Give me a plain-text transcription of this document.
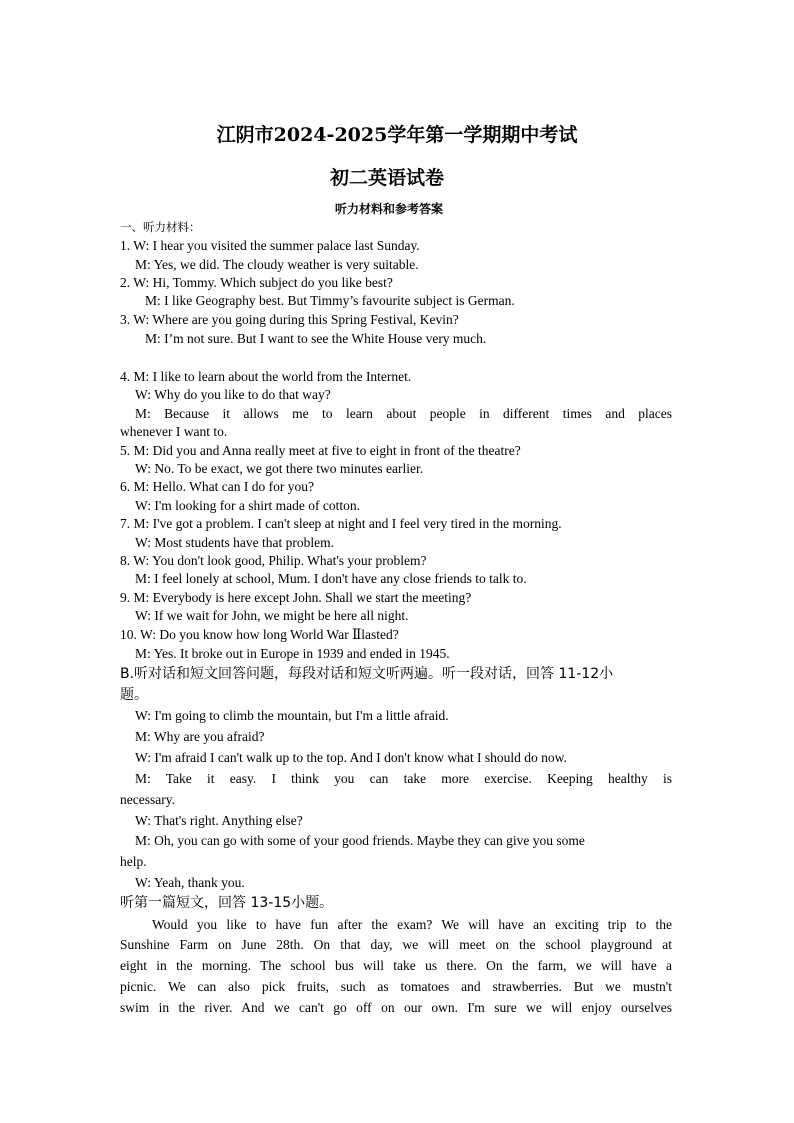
江阴市2024-2025学年第一学期期中考试
初二英语试卷
听力材料和参考答案
一、听力材料：
1. W: I hear you visited the summer palace last Sunday.
M: Yes, we did. The cloudy weather is very suitable.
2. W: Hi, Tommy. Which subject do you like best?
M: I like Geography best. But Timmy’s favourite subject is German.
3. W: Where are you going during this Spring Festival, Kevin?
M: I’m not sure. But I want to see the White House very much.
4. M: I like to learn about the world from the Internet.
W: Why do you like to do that way?
M: Because it allows me to learn about people in different times and places
whenever I want to.
5. M: Did you and Anna really meet at five to eight in front of the theatre?
W: No. To be exact, we got there two minutes earlier.
6. M: Hello. What can I do for you?
W: I'm looking for a shirt made of cotton.
7. M: I've got a problem. I can't sleep at night and I feel very tired in the morning.
W: Most students have that problem.
8. W: You don't look good, Philip. What's your problem?
M: I feel lonely at school, Mum. I don't have any close friends to talk to.
9. M: Everybody is here except John. Shall we start the meeting?
W: If we wait for John, we might be here all night.
10. W: Do you know how long World War Ⅱlasted?
M: Yes. It broke out in Europe in 1939 and ended in 1945.
B.听对话和短文回答问题，每段对话和短文听两遍。听一段对话，回答 11-12小
题。
W: I'm going to climb the mountain, but I'm a little afraid.
M: Why are you afraid?
W: I'm afraid I can't walk up to the top. And I don't know what I should do now.
M: Take it easy. I think you can take more exercise. Keeping healthy is
necessary.
W: That's right. Anything else?
M: Oh, you can go with some of your good friends. Maybe they can give you some
help.
W: Yeah, thank you.
听第一篇短文，回答 13-15小题。
Would you like to have fun after the exam? We will have an exciting trip to the
Sunshine Farm on June 28th. On that day, we will meet on the school playground at
eight in the morning. The school bus will take us there. On the farm, we will have a
picnic. We can also pick fruits, such as tomatoes and strawberries. But we mustn't
swim in the river. And we can't go off on our own. I'm sure we will enjoy ourselves
